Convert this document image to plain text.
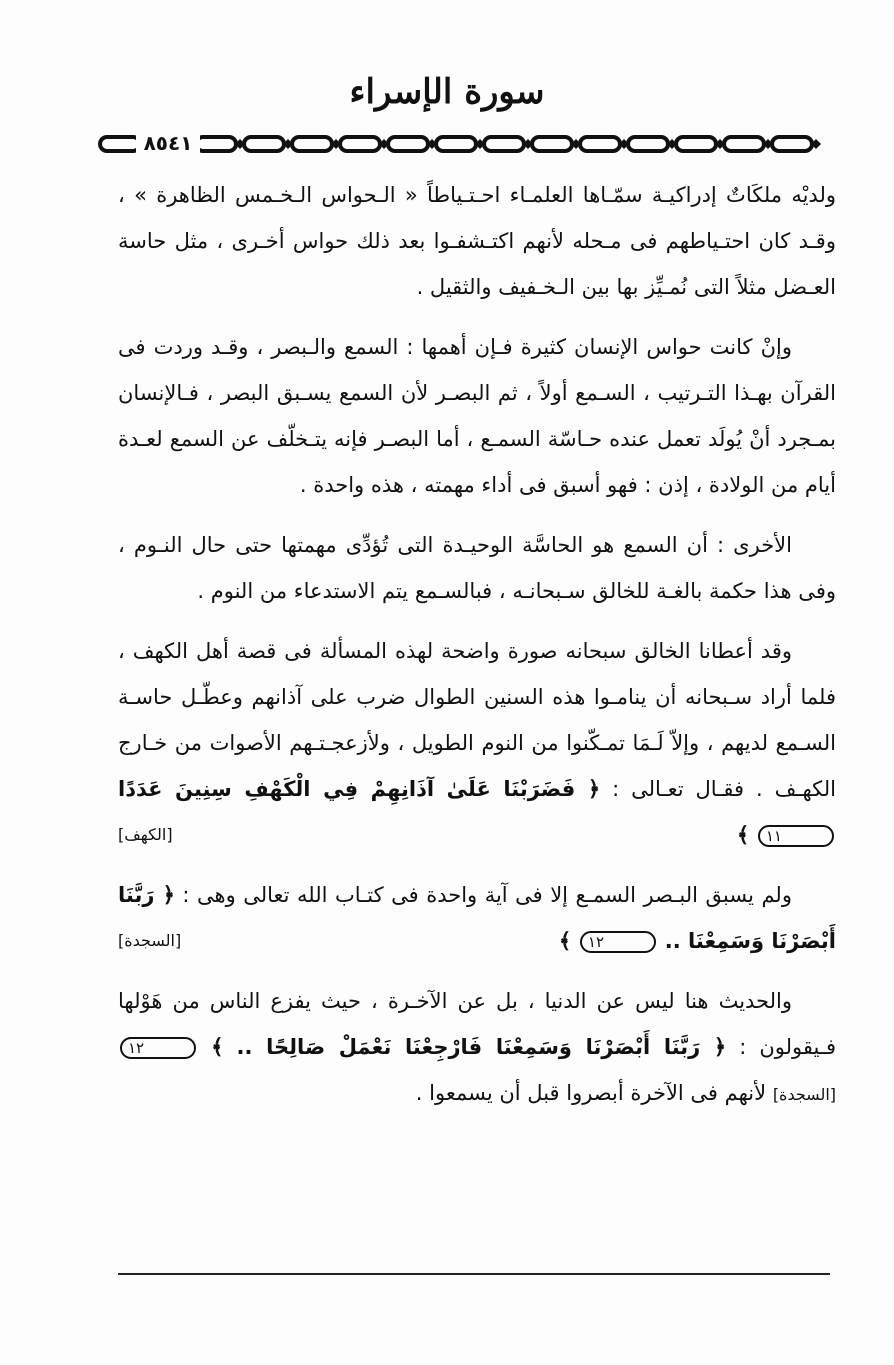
سورة الإسراء
٨٥٤١

ولديْه ملكَاتٌ إدراكيـة سمّـاها العلمـاء احـتـياطاً « الـحواس الـخـمس الظاهرة » ، وقـد كان احتـياطهم فى مـحله لأنهم اكتـشفـوا بعد ذلك حواس أخـرى ، مثل حاسة العـضل مثلاً التى نُمـيِّز بها بين الـخـفيف والثقيل .

وإنْ كانت حواس الإنسان كثيرة فـإن أهمها : السمع والـبصر ، وقـد وردت فى القرآن بهـذا التـرتيب ، السـمع أولاً ، ثم البصـر لأن السمع يسـبق البصر ، فـالإنسان بمـجرد أنْ يُولَد تعمل عنده حـاسّة السمـع ، أما البصـر فإنه يتـخلّف عن السمع لعـدة أيام من الولادة ، إذن : فهو أسبق فى أداء مهمته ، هذه واحدة .

الأخرى : أن السمع هو الحاسَّة الوحيـدة التى تُؤدِّى مهمتها حتى حال النـوم ، وفى هذا حكمة بالغـة للخالق سـبحانـه ، فبالسـمع يتم الاستدعاء من النوم .

وقد أعطانا الخالق سبحانه صورة واضحة لهذه المسألة فى قصة أهل الكهف ، فلما أراد سـبحانه أن ينامـوا هذه السنين الطوال ضرب على آذانهم وعطّـل حاسـة السـمع لديهم ، وإلاّ لَـمَا تمـكّنوا من النوم الطويل ، ولأزعجـتـهم الأصوات من خـارج الكهـف . فقـال تعـالى : ﴿ فَضَرَبْنَا عَلَىٰ آذَانِهِمْ فِي الْكَهْفِ سِنِينَ عَدَدًا ١١ ﴾
[الكهف]

ولم يسبق البـصر السمـع إلا فى آية واحدة فى كتـاب الله تعالى وهى : ﴿ رَبَّنَا أَبْصَرْنَا وَسَمِعْنَا .. ١٢ ﴾
[السجدة]

والحديث هنا ليس عن الدنيا ، بل عن الآخـرة ، حيث يفزع الناس من هَوْلها فـيقولون : ﴿ رَبَّنَا أَبْصَرْنَا وَسَمِعْنَا فَارْجِعْنَا نَعْمَلْ صَالِحًا .. ﴾ ١٢ [السجدة] لأنهم فى الآخرة أبصروا قبل أن يسمعوا .
